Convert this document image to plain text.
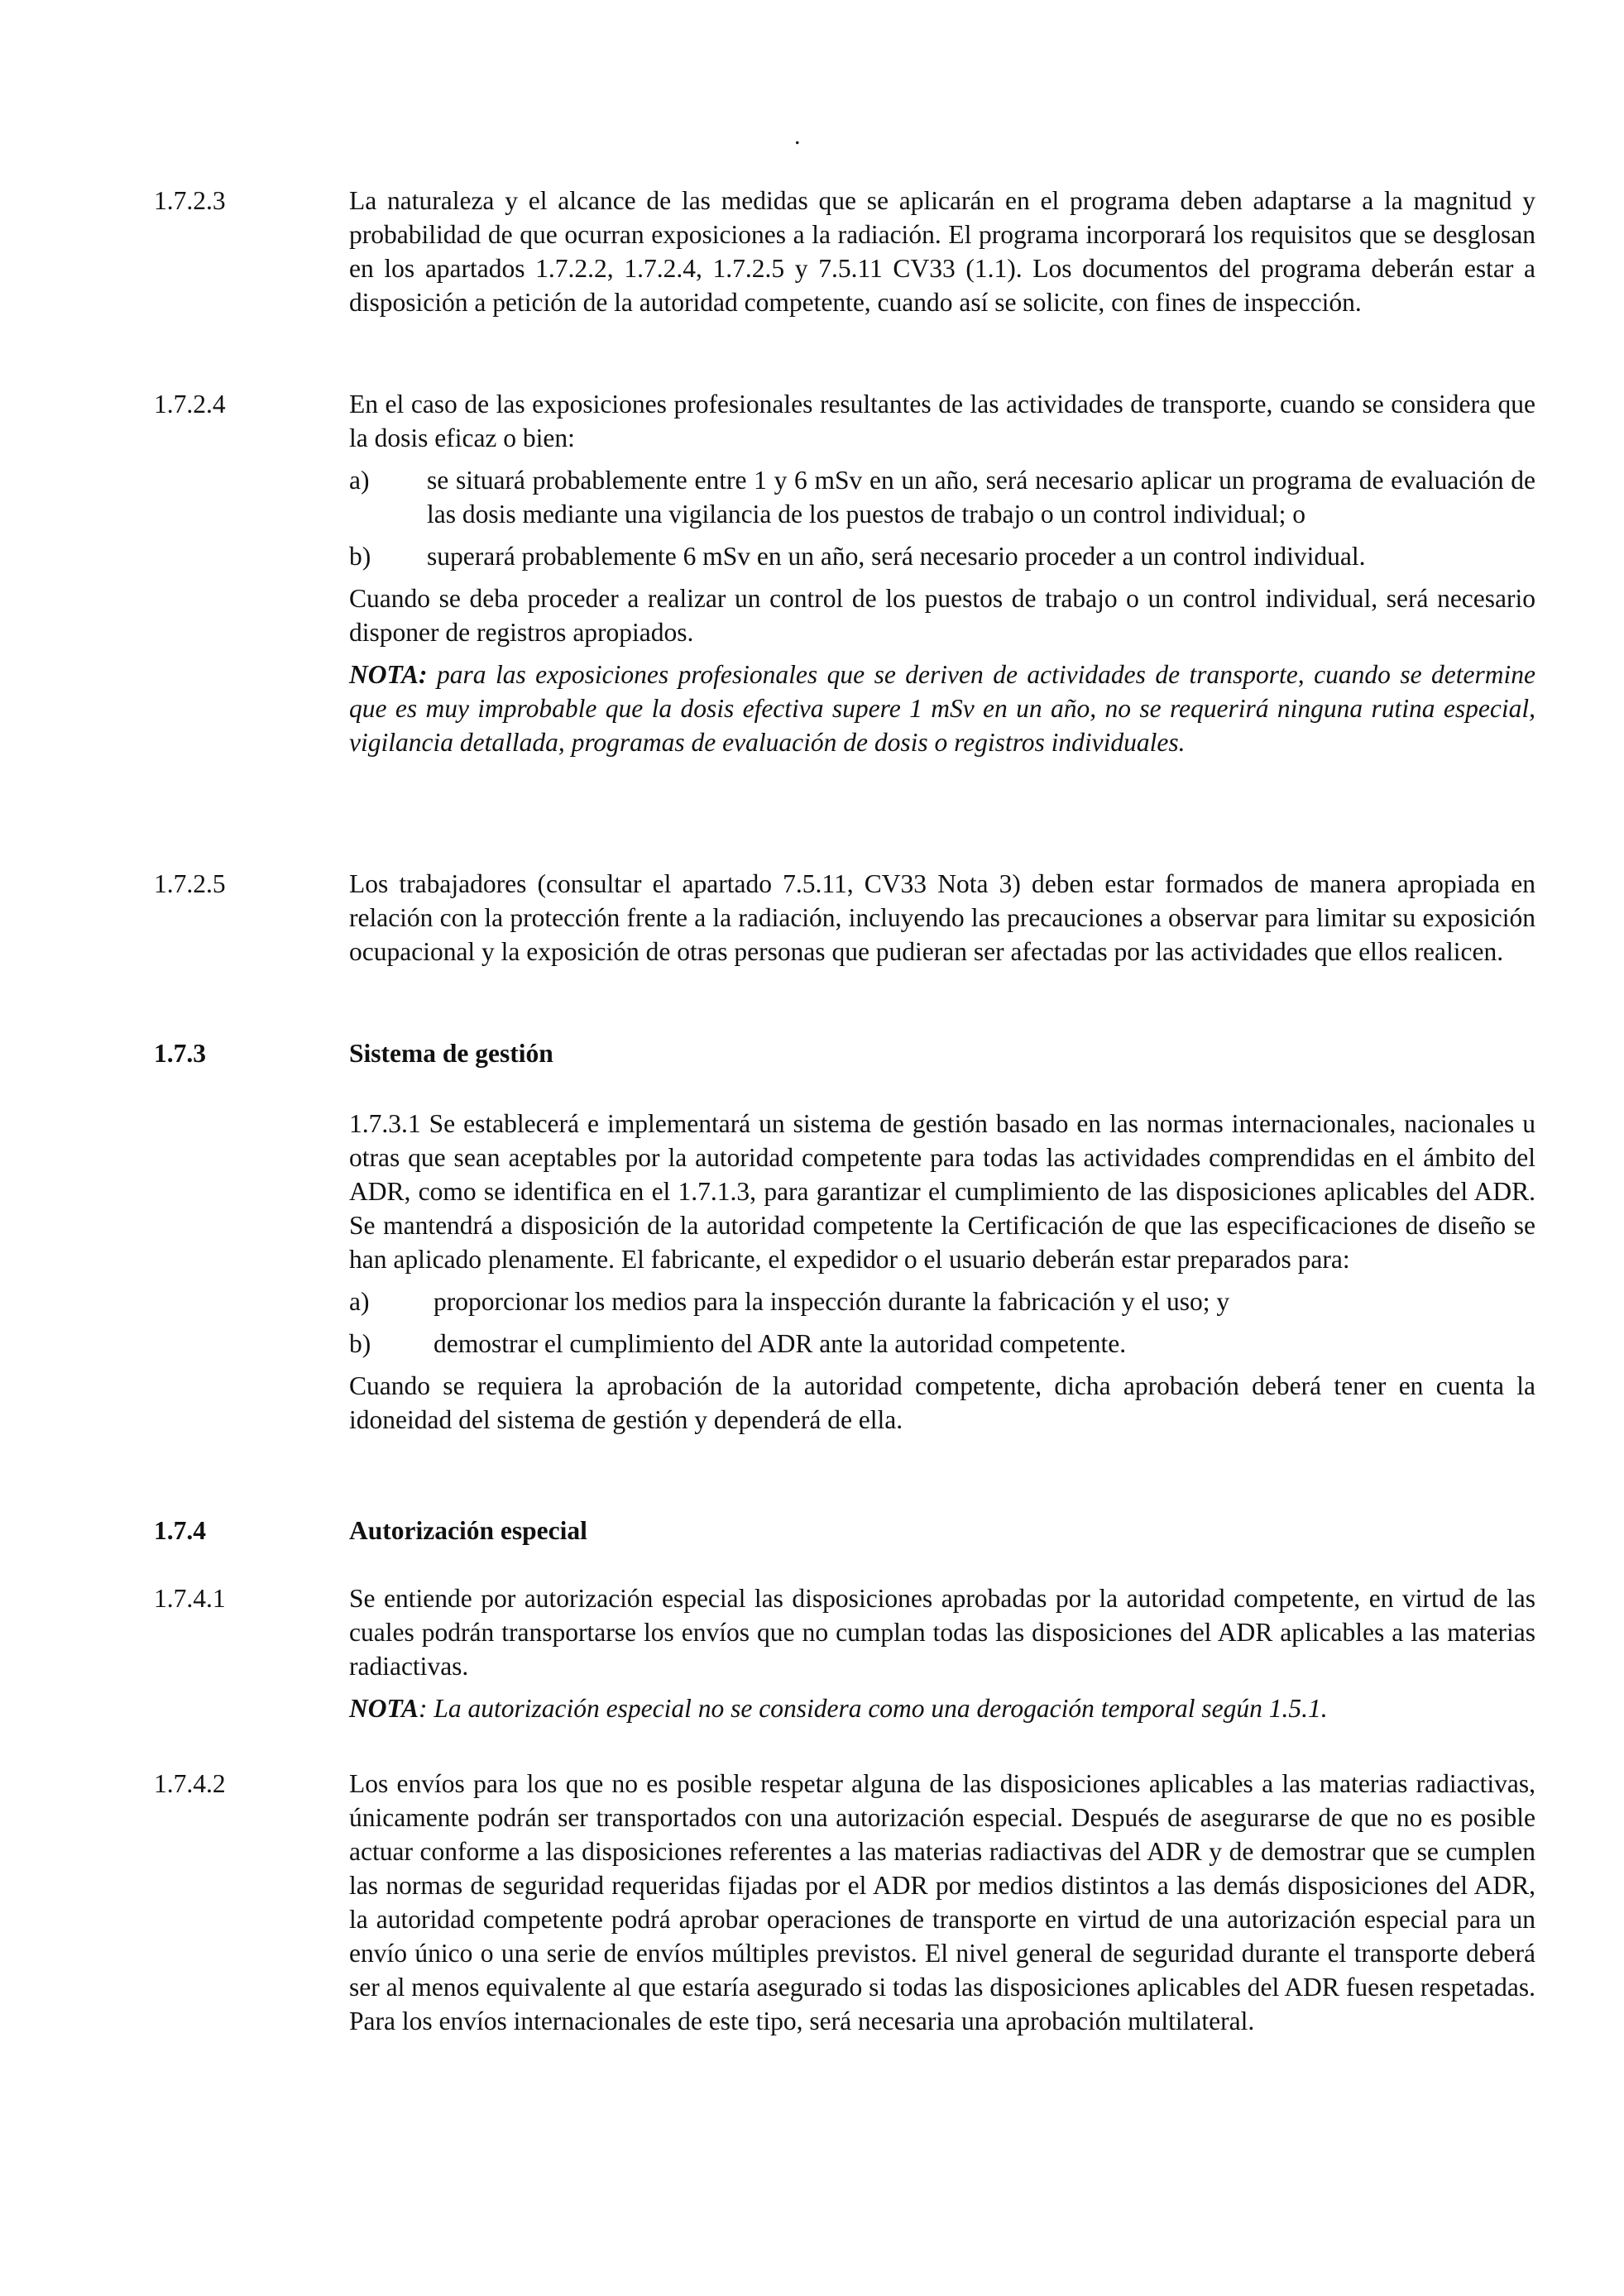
.
1.7.2.3	La naturaleza y el alcance de las medidas que se aplicarán en el programa deben adaptarse a la magnitud y probabilidad de que ocurran exposiciones a la radiación. El programa incorporará los requisitos que se desglosan en los apartados 1.7.2.2, 1.7.2.4, 1.7.2.5 y 7.5.11 CV33 (1.1). Los documentos del programa deberán estar a disposición a petición de la autoridad competente, cuando así se solicite, con fines de inspección.

1.7.2.4	En el caso de las exposiciones profesionales resultantes de las actividades de transporte, cuando se considera que la dosis eficaz o bien:

a) se situará probablemente entre 1 y 6 mSv en un año, será necesario aplicar un programa de evaluación de las dosis mediante una vigilancia de los puestos de trabajo o un control individual; o
b) superará probablemente 6 mSv en un año, será necesario proceder a un control individual.

Cuando se deba proceder a realizar un control de los puestos de trabajo o un control individual, será necesario disponer de registros apropiados.

NOTA: para las exposiciones profesionales que se deriven de actividades de transporte, cuando se determine que es muy improbable que la dosis efectiva supere 1 mSv en un año, no se requerirá ninguna rutina especial, vigilancia detallada, programas de evaluación de dosis o registros individuales.

1.7.2.5	Los trabajadores (consultar el apartado 7.5.11, CV33 Nota 3) deben estar formados de manera apropiada en relación con la protección frente a la radiación, incluyendo las precauciones a observar para limitar su exposición ocupacional y la exposición de otras personas que pudieran ser afectadas por las actividades que ellos realicen.

1.7.3	Sistema de gestión

1.7.3.1 Se establecerá e implementará un sistema de gestión basado en las normas internacionales, nacionales u otras que sean aceptables por la autoridad competente para todas las actividades comprendidas en el ámbito del ADR, como se identifica en el 1.7.1.3, para garantizar el cumplimiento de las disposiciones aplicables del ADR. Se mantendrá a disposición de la autoridad competente la Certificación de que las especificaciones de diseño se han aplicado plenamente. El fabricante, el expedidor o el usuario deberán estar preparados para:

a) proporcionar los medios para la inspección durante la fabricación y el uso; y
b) demostrar el cumplimiento del ADR ante la autoridad competente.

Cuando se requiera la aprobación de la autoridad competente, dicha aprobación deberá tener en cuenta la idoneidad del sistema de gestión y dependerá de ella.

1.7.4	Autorización especial

1.7.4.1	Se entiende por autorización especial las disposiciones aprobadas por la autoridad competente, en virtud de las cuales podrán transportarse los envíos que no cumplan todas las disposiciones del ADR aplicables a las materias radiactivas.

NOTA: La autorización especial no se considera como una derogación temporal según 1.5.1.

1.7.4.2	Los envíos para los que no es posible respetar alguna de las disposiciones aplicables a las materias radiactivas, únicamente podrán ser transportados con una autorización especial. Después de asegurarse de que no es posible actuar conforme a las disposiciones referentes a las materias radiactivas del ADR y de demostrar que se cumplen las normas de seguridad requeridas fijadas por el ADR por medios distintos a las demás disposiciones del ADR, la autoridad competente podrá aprobar operaciones de transporte en virtud de una autorización especial para un envío único o una serie de envíos múltiples previstos. El nivel general de seguridad durante el transporte deberá ser al menos equivalente al que estaría asegurado si todas las disposiciones aplicables del ADR fuesen respetadas. Para los envíos internacionales de este tipo, será necesaria una aprobación multilateral.
